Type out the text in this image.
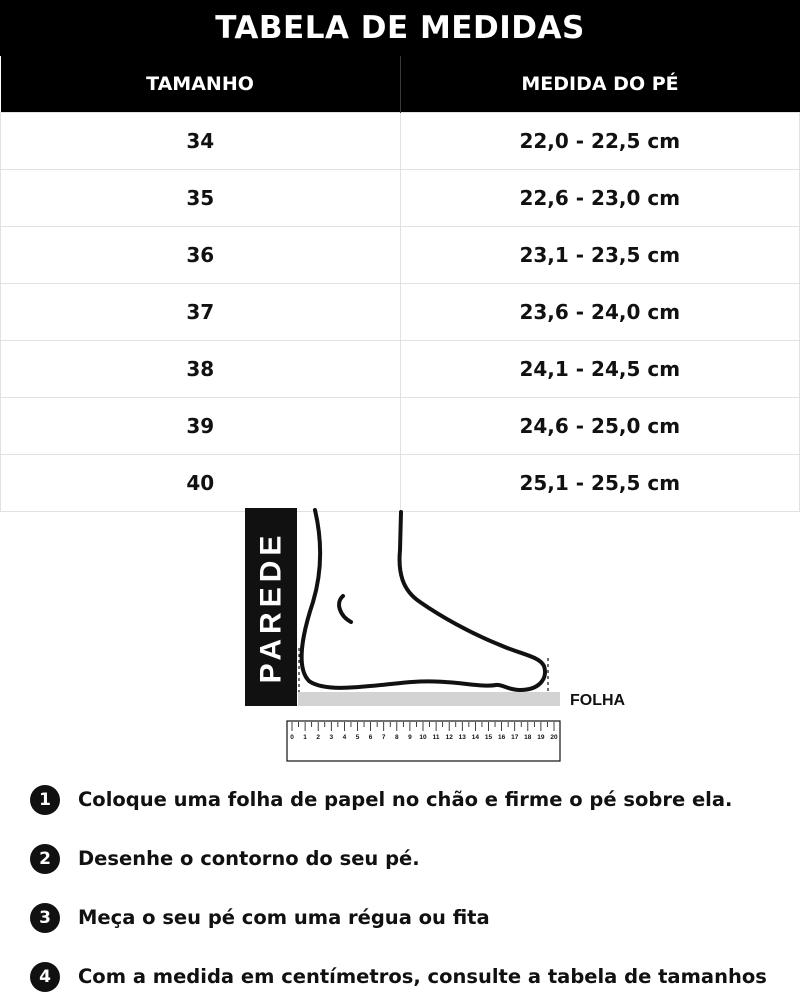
TABELA DE MEDIDAS
TAMANHO	MEDIDA DO PÉ
34	22,0 - 22,5 cm
35	22,6 - 23,0 cm
36	23,1 - 23,5 cm
37	23,6 - 24,0 cm
38	24,1 - 24,5 cm
39	24,6 - 25,0 cm
40	25,1 - 25,5 cm
PAREDE
FOLHA
0 1 2 3 4 5 6 7 8 9 10 11 12 13 14 15 16 17 18 19 20
1	Coloque uma folha de papel no chão e firme o pé sobre ela.
2	Desenhe o contorno do seu pé.
3	Meça o seu pé com uma régua ou fita
4	Com a medida em centímetros, consulte a tabela de tamanhos
